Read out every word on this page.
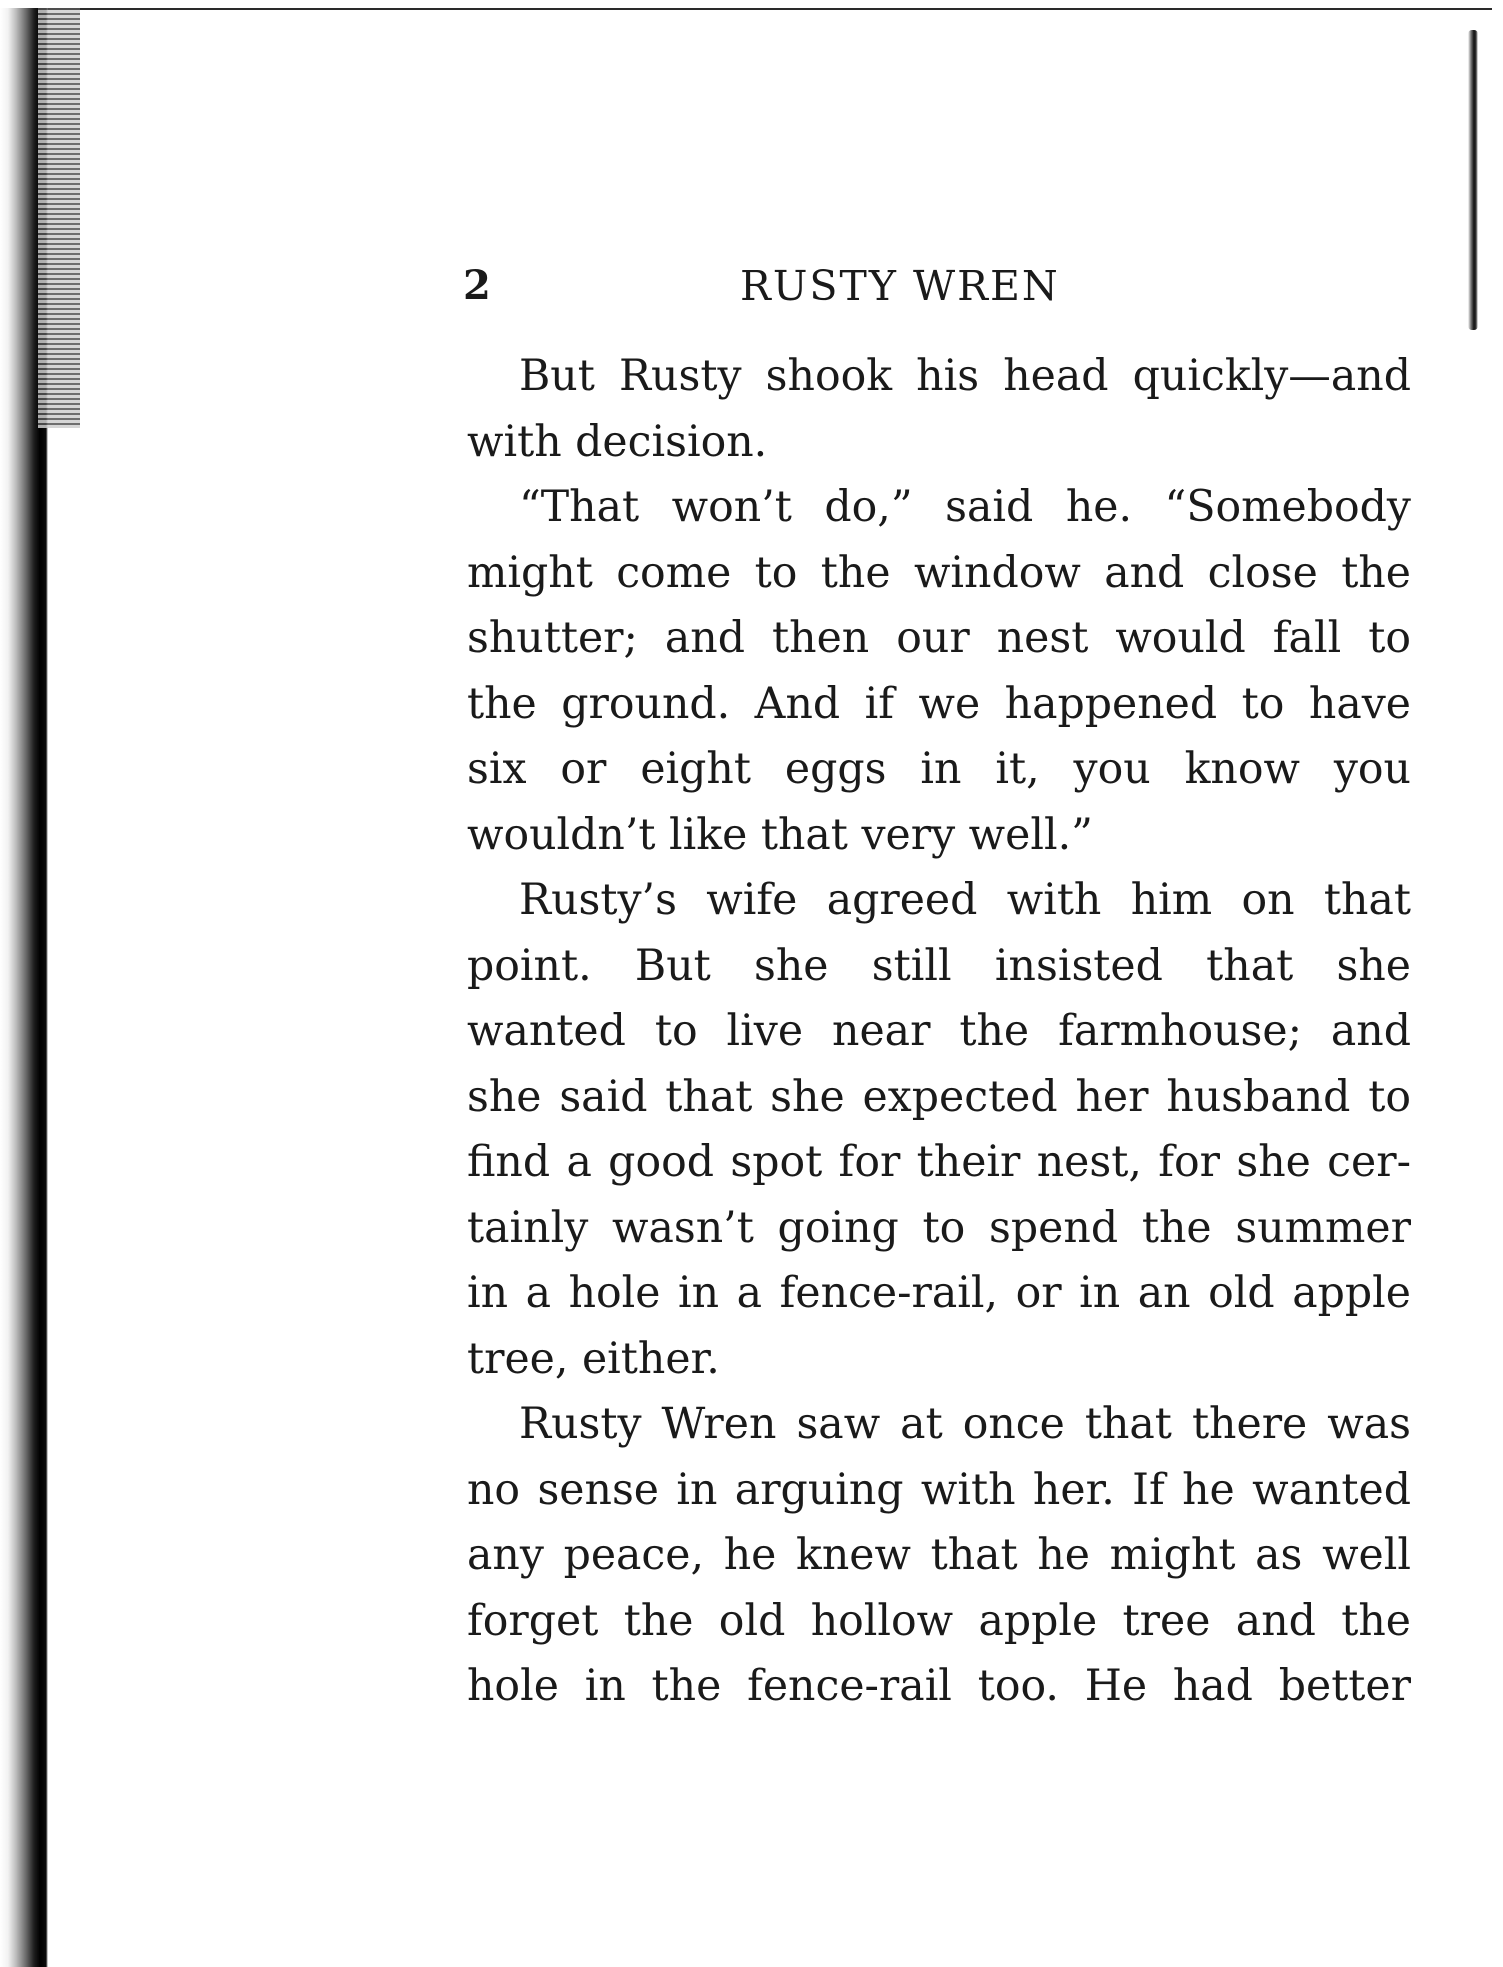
2	RUSTY WREN
But Rusty shook his head quickly—and
with decision.
“That won’t do,” said he. “Somebody
might come to the window and close the
shutter; and then our nest would fall to
the ground. And if we happened to have
six or eight eggs in it, you know you
wouldn’t like that very well.”
Rusty’s wife agreed with him on that
point. But she still insisted that she
wanted to live near the farmhouse; and
she said that she expected her husband to
find a good spot for their nest, for she cer-
tainly wasn’t going to spend the summer
in a hole in a fence-rail, or in an old apple
tree, either.
Rusty Wren saw at once that there was
no sense in arguing with her. If he wanted
any peace, he knew that he might as well
forget the old hollow apple tree and the
hole in the fence-rail too. He had better
